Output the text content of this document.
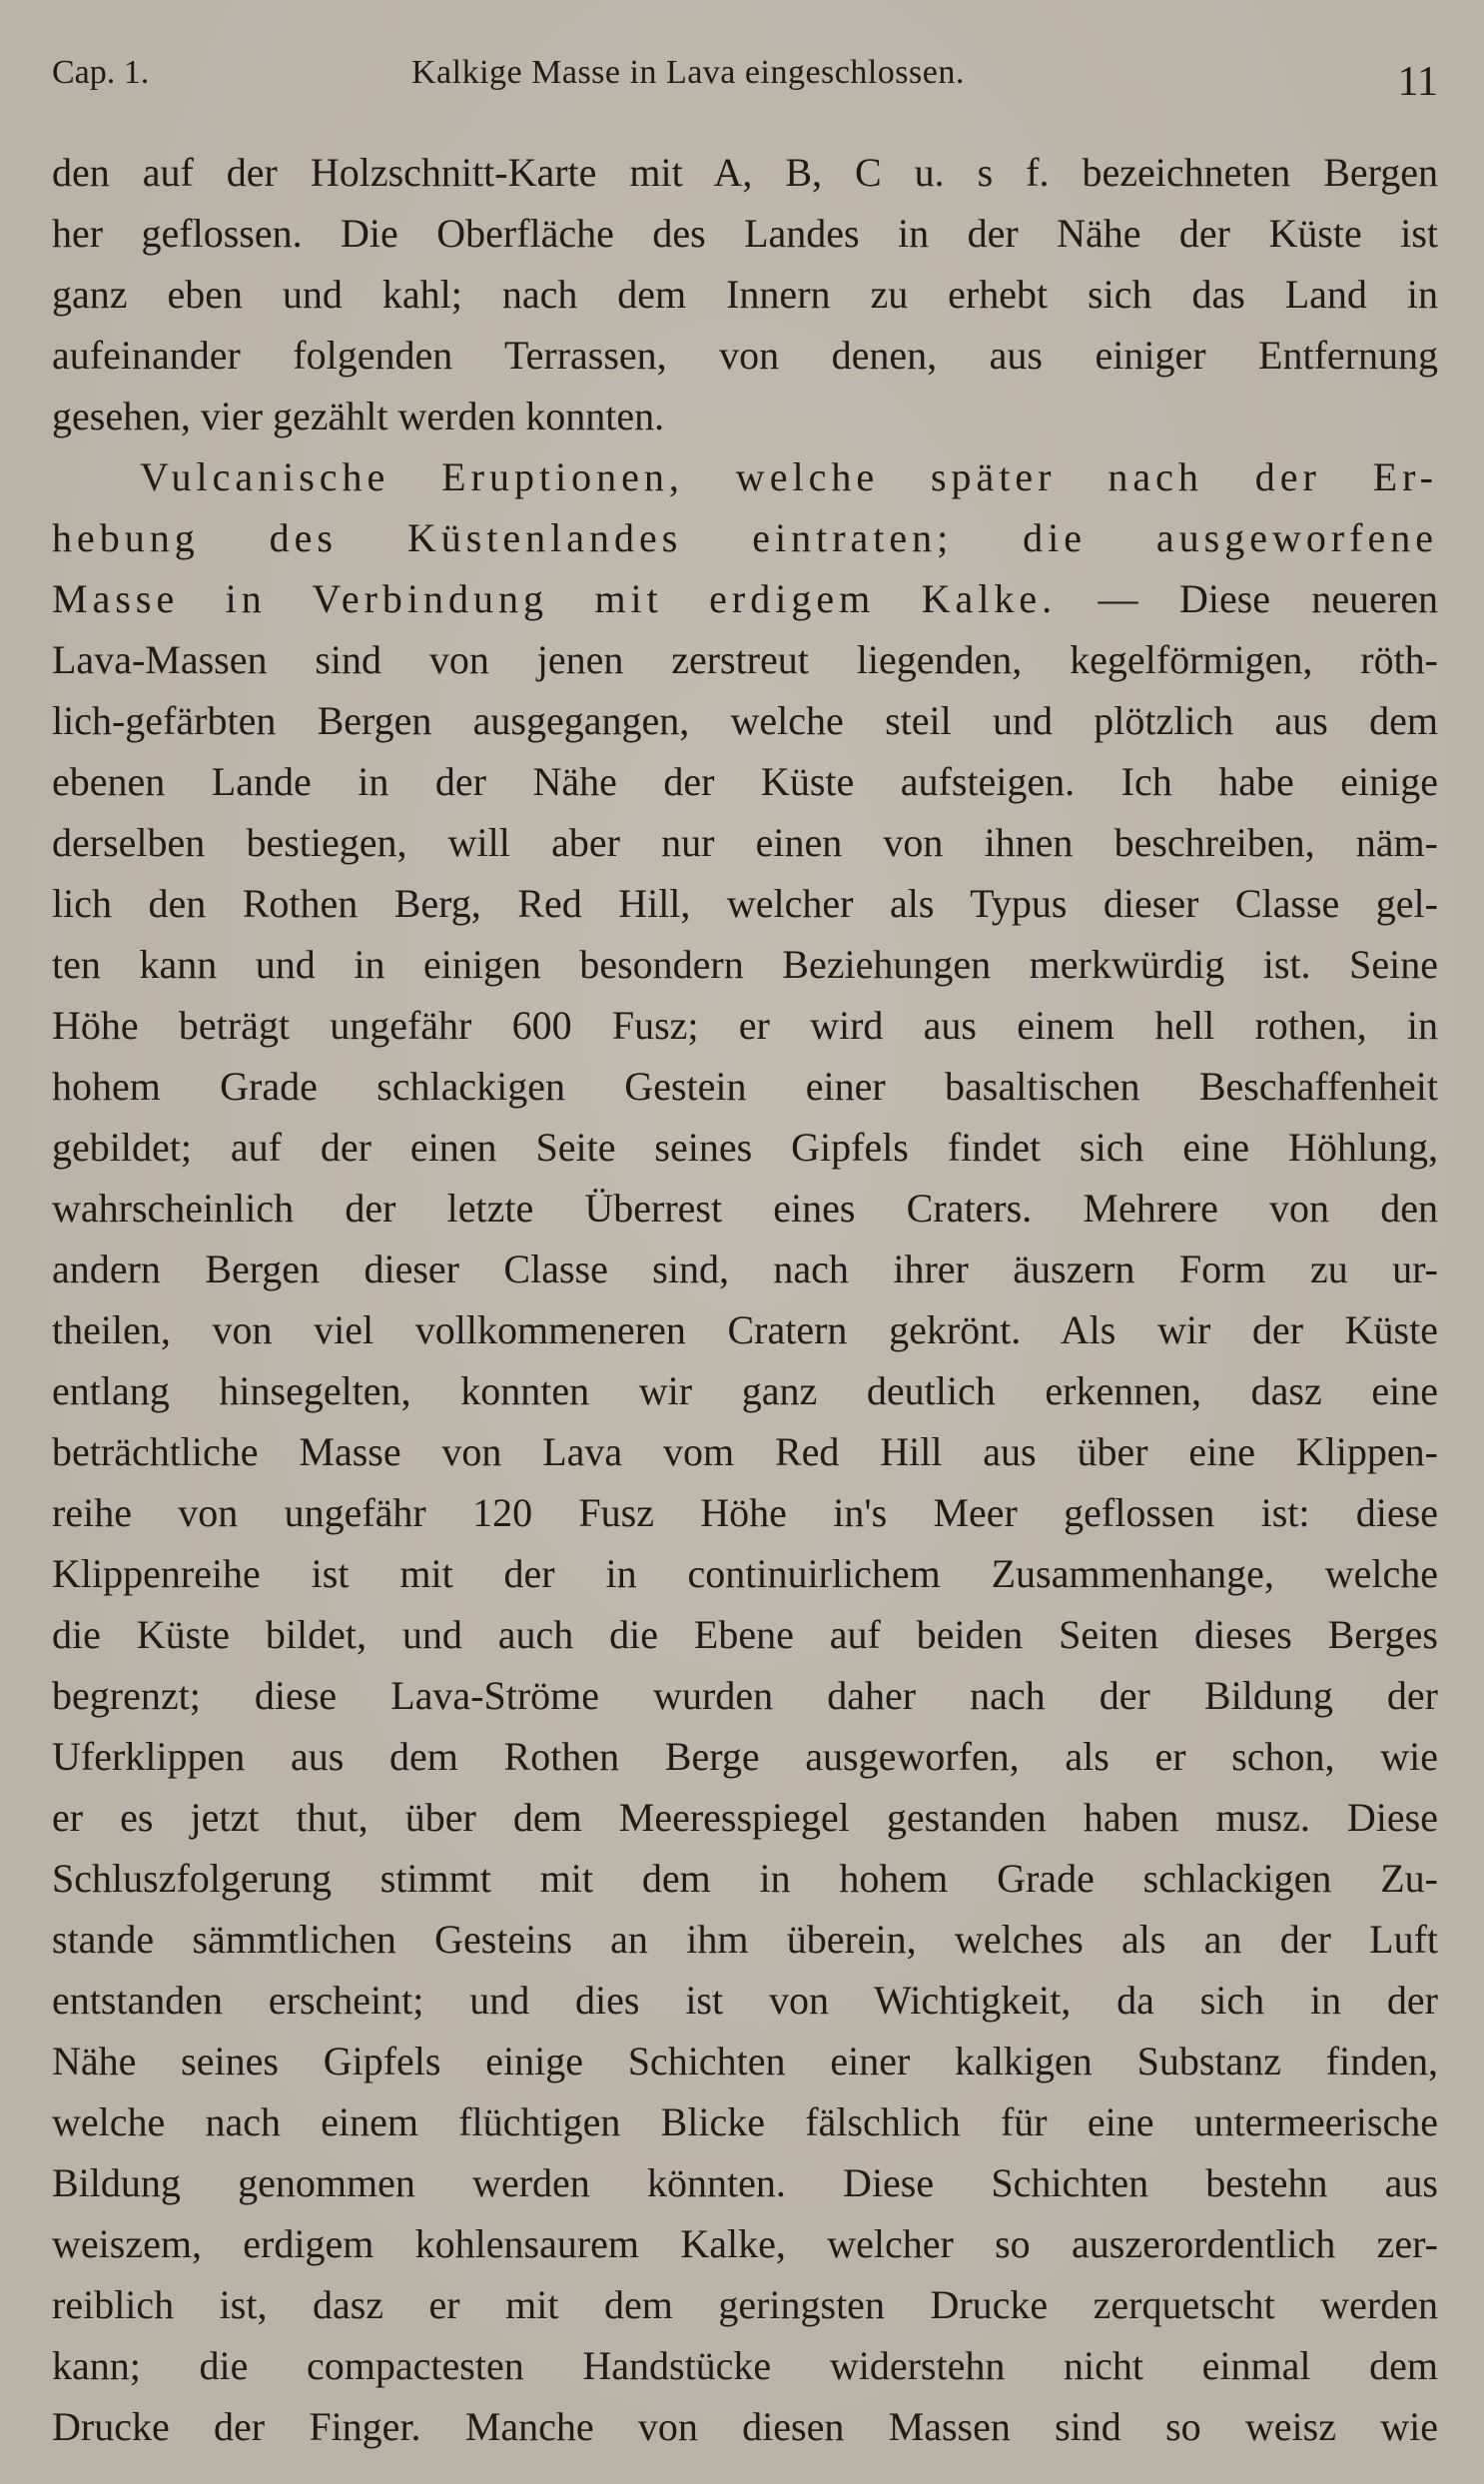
Cap. 1.	Kalkige Masse in Lava eingeschlossen.	11
den auf der Holzschnitt-Karte mit A, B, C u. s f. bezeichneten Bergen
her geflossen. Die Oberfläche des Landes in der Nähe der Küste ist
ganz eben und kahl; nach dem Innern zu erhebt sich das Land in
aufeinander folgenden Terrassen, von denen, aus einiger Entfernung
gesehen, vier gezählt werden konnten.
Vulcanische Eruptionen, welche später nach der Er-
hebung des Küstenlandes eintraten; die ausgeworfene
Masse in Verbindung mit erdigem Kalke. — Diese neueren
Lava-Massen sind von jenen zerstreut liegenden, kegelförmigen, röth-
lich-gefärbten Bergen ausgegangen, welche steil und plötzlich aus dem
ebenen Lande in der Nähe der Küste aufsteigen. Ich habe einige
derselben bestiegen, will aber nur einen von ihnen beschreiben, näm-
lich den Rothen Berg, Red Hill, welcher als Typus dieser Classe gel-
ten kann und in einigen besondern Beziehungen merkwürdig ist. Seine
Höhe beträgt ungefähr 600 Fusz; er wird aus einem hell rothen, in
hohem Grade schlackigen Gestein einer basaltischen Beschaffenheit
gebildet; auf der einen Seite seines Gipfels findet sich eine Höhlung,
wahrscheinlich der letzte Überrest eines Craters. Mehrere von den
andern Bergen dieser Classe sind, nach ihrer äuszern Form zu ur-
theilen, von viel vollkommeneren Cratern gekrönt. Als wir der Küste
entlang hinsegelten, konnten wir ganz deutlich erkennen, dasz eine
beträchtliche Masse von Lava vom Red Hill aus über eine Klippen-
reihe von ungefähr 120 Fusz Höhe in's Meer geflossen ist: diese
Klippenreihe ist mit der in continuirlichem Zusammenhange, welche
die Küste bildet, und auch die Ebene auf beiden Seiten dieses Berges
begrenzt; diese Lava-Ströme wurden daher nach der Bildung der
Uferklippen aus dem Rothen Berge ausgeworfen, als er schon, wie
er es jetzt thut, über dem Meeresspiegel gestanden haben musz. Diese
Schluszfolgerung stimmt mit dem in hohem Grade schlackigen Zu-
stande sämmtlichen Gesteins an ihm überein, welches als an der Luft
entstanden erscheint; und dies ist von Wichtigkeit, da sich in der
Nähe seines Gipfels einige Schichten einer kalkigen Substanz finden,
welche nach einem flüchtigen Blicke fälschlich für eine untermeerische
Bildung genommen werden könnten. Diese Schichten bestehn aus
weiszem, erdigem kohlensaurem Kalke, welcher so auszerordentlich zer-
reiblich ist, dasz er mit dem geringsten Drucke zerquetscht werden
kann; die compactesten Handstücke widerstehn nicht einmal dem
Drucke der Finger. Manche von diesen Massen sind so weisz wie
